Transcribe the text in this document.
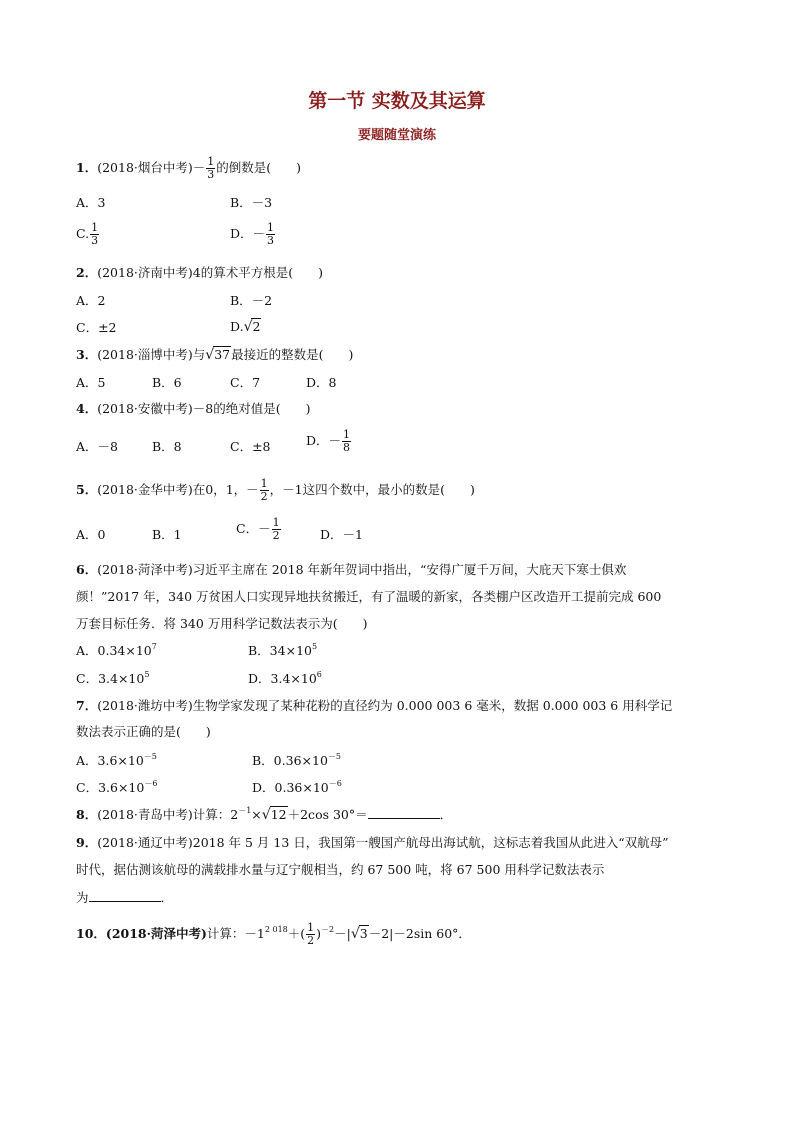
第一节 实数及其运算
要题随堂演练
1．(2018·烟台中考)－ $\frac{1}{3}$ 的倒数是(　　)
A．3	B．－3
C. $\frac{1}{3}$	D．－ $\frac{1}{3}$
2．(2018·济南中考)4的算术平方根是(　　)
A．2	B．－2
C．±2	D.√2
3．(2018·淄博中考)与√37最接近的整数是(　　)
A．5	B．6	C．7	D．8
4．(2018·安徽中考)－8的绝对值是(　　)
A．－8	B．8	C．±8	D．－ $\frac{1}{8}$
5．(2018·金华中考)在0，1，－ $\frac{1}{2}$ ，－1这四个数中，最小的数是(　　)
A．0	B．1	C．－ $\frac{1}{2}$	D．－1
6．(2018·菏泽中考)习近平主席在 2018 年新年贺词中指出，“安得广厦千万间，大庇天下寒士俱欢
颜！”2017 年，340 万贫困人口实现异地扶贫搬迁，有了温暖的新家，各类棚户区改造开工提前完成 600
万套目标任务．将 340 万用科学记数法表示为(　　)
A．$0.34\times 10^7$	B．$34\times 10^5$
C．$3.4\times 10^5$	D．$3.4\times 10^6$
7．(2018·潍坊中考)生物学家发现了某种花粉的直径约为 0.000 003 6 毫米，数据 0.000 003 6 用科学记
数法表示正确的是(　　)
A．$3.6\times 10^{-5}$	B．$0.36\times 10^{-5}$
C．$3.6\times 10^{-6}$	D．$0.36\times 10^{-6}$
8．(2018·青岛中考)计算：$2^{-1}\times√12+2\cos$ 30°＝	．
9．(2018·通辽中考)2018 年 5 月 13 日，我国第一艘国产航母出海试航，这标志着我国从此进入“双航母”
时代，据估测该航母的满载排水量与辽宁舰相当，约 67 500 吨，将 67 500 用科学记数法表示
为	．
10．(2018·菏泽中考)计算：$-1^{2 018}+( \frac{1}{2} )^{-2}-|√3-2|-2\sin$ 60°．
